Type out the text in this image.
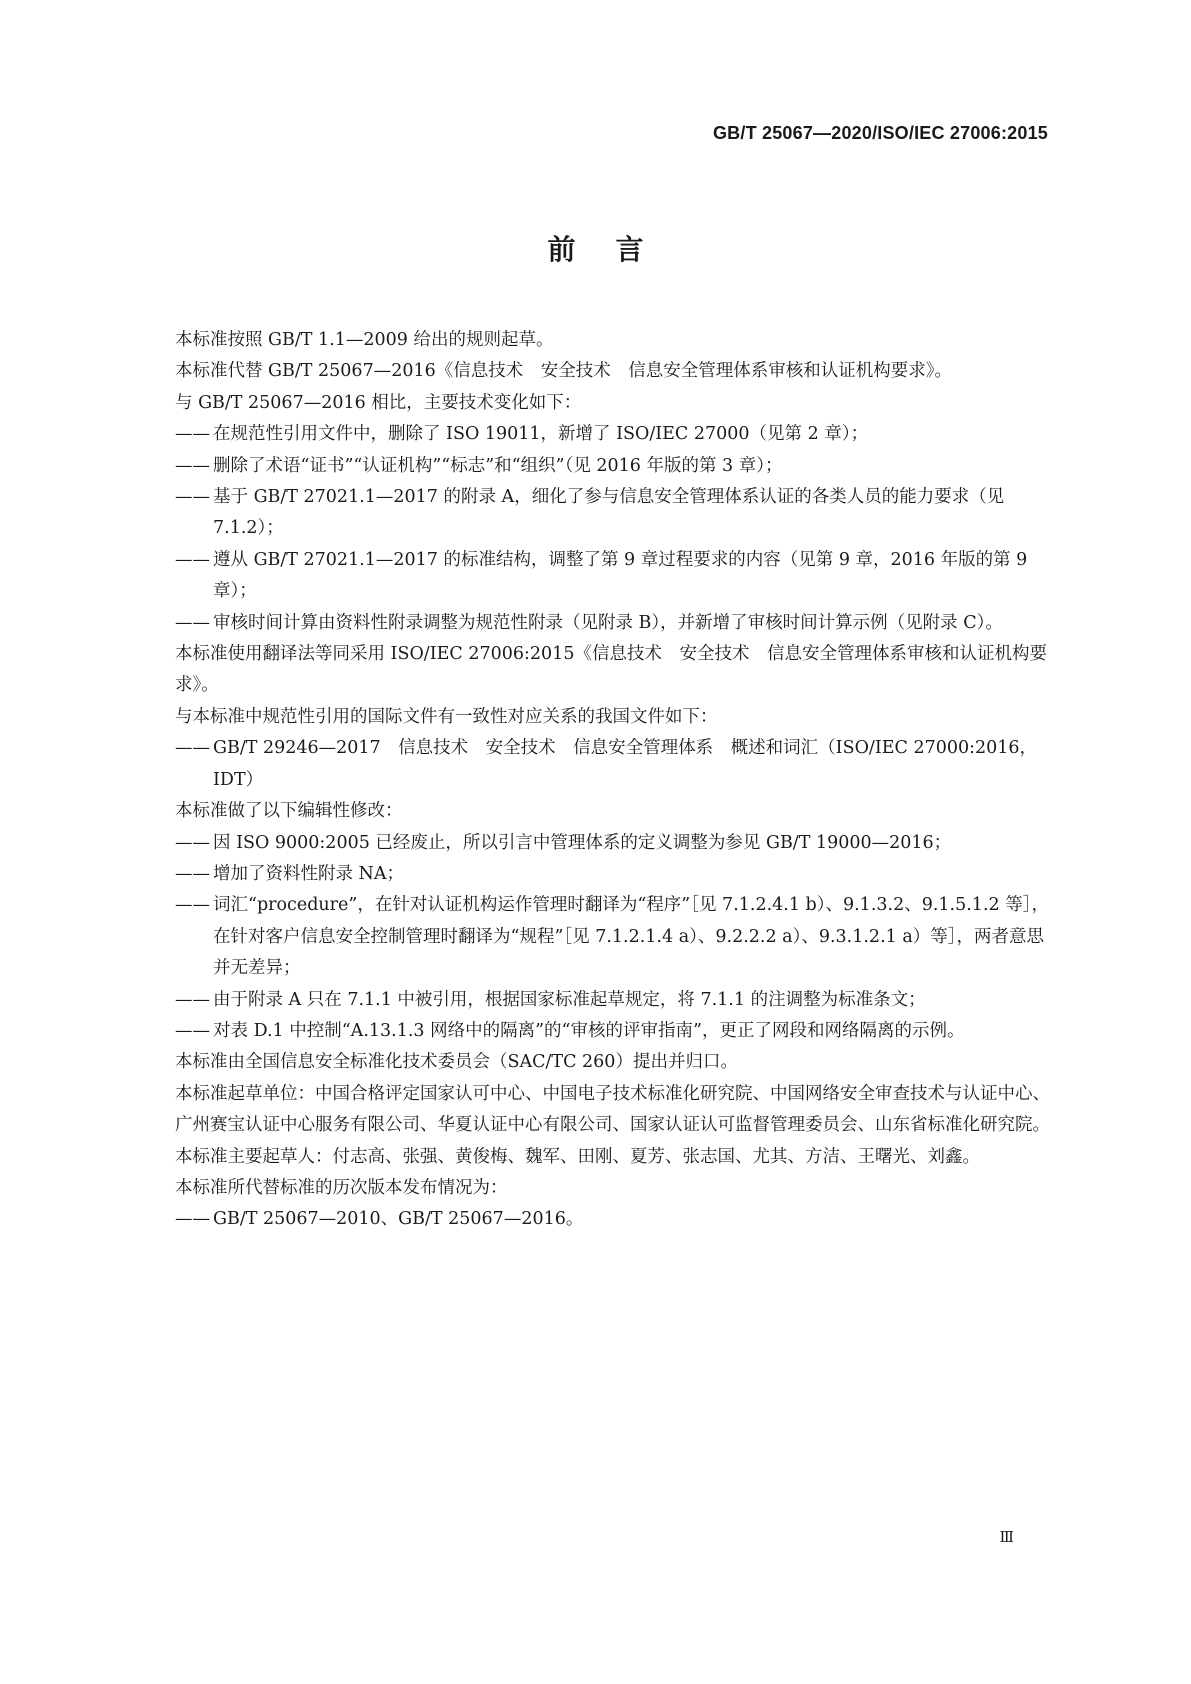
GB/T 25067—2020/ISO/IEC 27006:2015
前言

本标准按照 GB/T 1.1—2009 给出的规则起草。

本标准代替 GB/T 25067—2016《信息技术　安全技术　信息安全管理体系审核和认证机构要求》。

与 GB/T 25067—2016 相比，主要技术变化如下：

—— 在规范性引用文件中，删除了 ISO 19011，新增了 ISO/IEC 27000（见第 2 章）；

—— 删除了术语“证书”“认证机构”“标志”和“组织”（见 2016 年版的第 3 章）；

—— 基于 GB/T 27021.1—2017 的附录 A，细化了参与信息安全管理体系认证的各类人员的能力要求（见 7.1.2）；

—— 遵从 GB/T 27021.1—2017 的标准结构，调整了第 9 章过程要求的内容（见第 9 章，2016 年版的第 9 章）；

—— 审核时间计算由资料性附录调整为规范性附录（见附录 B），并新增了审核时间计算示例（见附录 C）。

本标准使用翻译法等同采用 ISO/IEC 27006:2015《信息技术　安全技术　信息安全管理体系审核和认证机构要求》。

与本标准中规范性引用的国际文件有一致性对应关系的我国文件如下：

—— GB/T 29246—2017　信息技术　安全技术　信息安全管理体系　概述和词汇（ISO/IEC 27000:2016，IDT）

本标准做了以下编辑性修改：

—— 因 ISO 9000:2005 已经废止，所以引言中管理体系的定义调整为参见 GB/T 19000—2016；

—— 增加了资料性附录 NA；

—— 词汇“procedure”，在针对认证机构运作管理时翻译为“程序”［见 7.1.2.4.1 b）、9.1.3.2、9.1.5.1.2 等］，在针对客户信息安全控制管理时翻译为“规程”［见 7.1.2.1.4 a）、9.2.2.2 a）、9.3.1.2.1 a）等］，两者意思并无差异；

—— 由于附录 A 只在 7.1.1 中被引用，根据国家标准起草规定，将 7.1.1 的注调整为标准条文；

—— 对表 D.1 中控制“A.13.1.3 网络中的隔离”的“审核的评审指南”，更正了网段和网络隔离的示例。

本标准由全国信息安全标准化技术委员会（SAC/TC 260）提出并归口。

本标准起草单位：中国合格评定国家认可中心、中国电子技术标准化研究院、中国网络安全审查技术与认证中心、广州赛宝认证中心服务有限公司、华夏认证中心有限公司、国家认证认可监督管理委员会、山东省标准化研究院。

本标准主要起草人：付志高、张强、黄俊梅、魏军、田刚、夏芳、张志国、尤其、方洁、王曙光、刘鑫。

本标准所代替标准的历次版本发布情况为：

—— GB/T 25067—2010、GB/T 25067—2016。

Ⅲ
